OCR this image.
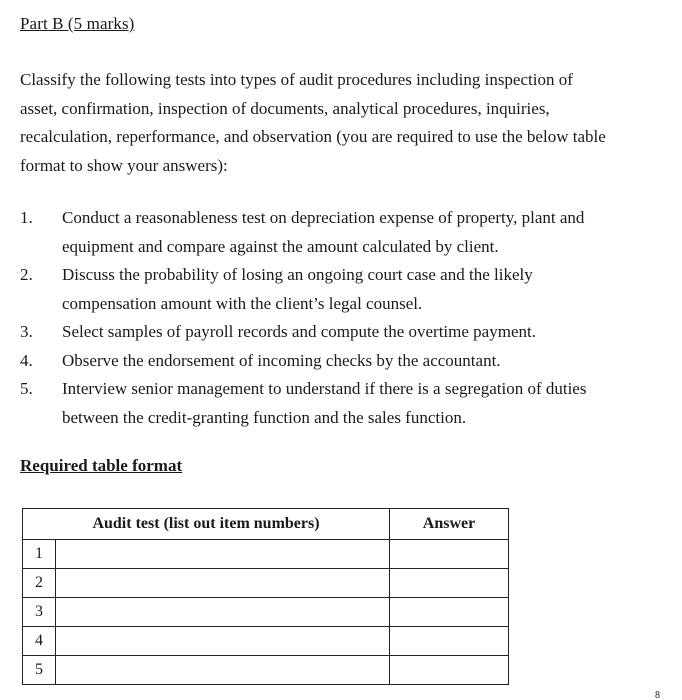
Part B (5 marks)
Classify the following tests into types of audit procedures including inspection of
asset, confirmation, inspection of documents, analytical procedures, inquiries,
recalculation, reperformance, and observation (you are required to use the below table
format to show your answers):
1. Conduct a reasonableness test on depreciation expense of property, plant and
equipment and compare against the amount calculated by client.
2. Discuss the probability of losing an ongoing court case and the likely
compensation amount with the client’s legal counsel.
3. Select samples of payroll records and compute the overtime payment.
4. Observe the endorsement of incoming checks by the accountant.
5. Interview senior management to understand if there is a segregation of duties
between the credit-granting function and the sales function.
Required table format
Audit test (list out item numbers)	Answer

1	

2	

3	

4	

5	

8
